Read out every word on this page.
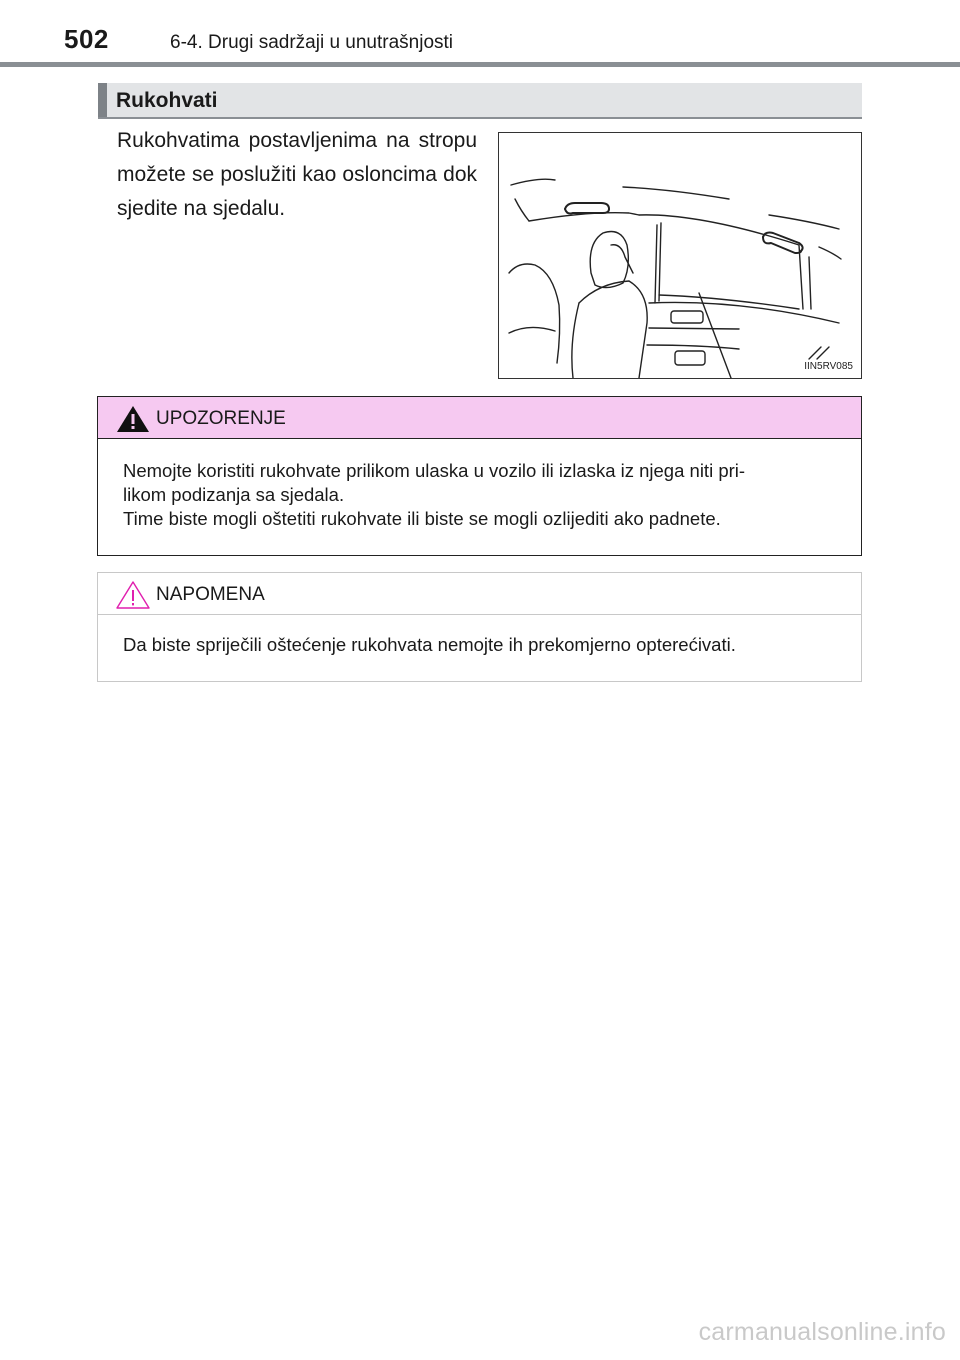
502	6-4. Drugi sadržaji u unutrašnjosti
Rukohvati
Rukohvatima postavljenima na stropu možete se poslužiti kao osloncima dok sjedite na sjedalu.
IIN5RV085
UPOZORENJE
Nemojte koristiti rukohvate prilikom ulaska u vozilo ili izlaska iz njega niti pri-
likom podizanja sa sjedala.
Time biste mogli oštetiti rukohvate ili biste se mogli ozlijediti ako padnete.
NAPOMENA
Da biste spriječili oštećenje rukohvata nemojte ih prekomjerno opterećivati.
carmanualsonline.info
